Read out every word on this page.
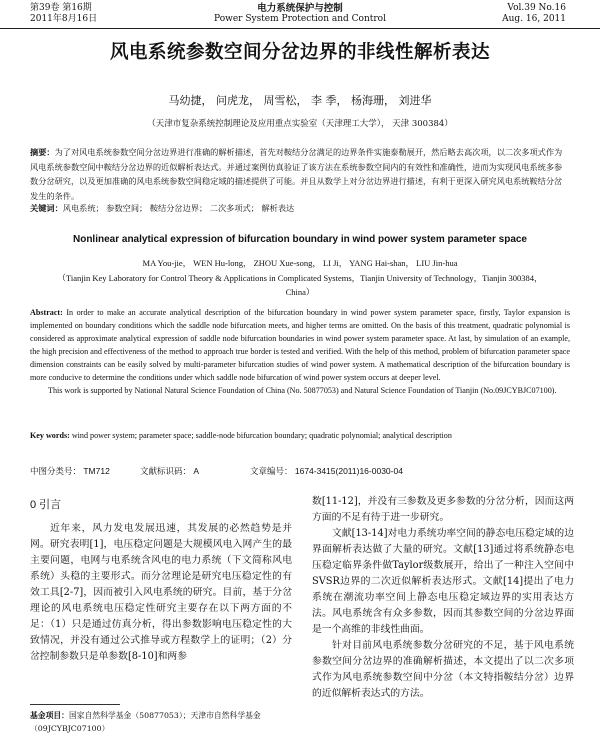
第39卷 第16期
2011年8月16日
电力系统保护与控制
Power System Protection and Control
Vol.39 No.16
Aug. 16, 2011
风电系统参数空间分岔边界的非线性解析表达
马幼捷， 问虎龙， 周雪松， 李 季， 杨海珊， 刘进华
（天津市复杂系统控制理论及应用重点实验室（天津理工大学）， 天津 300384）
摘要：为了对风电系统参数空间分岔边界进行准确的解析描述，首先对鞍结分岔满足的边界条件实施泰勒展开，然后略去高次项，以二次多项式作为风电系统参数空间中鞍结分岔边界的近似解析表达式。并通过案例仿真验证了该方法在系统参数空间内的有效性和准确性，进而为实现风电系统多参数分岔研究，以及更加准确的风电系统参数空间稳定域的描述提供了可能。并且从数学上对分岔边界进行描述，有利于更深入研究风电系统鞍结分岔发生的条件。
关键词：风电系统； 参数空间； 鞍结分岔边界； 二次多项式； 解析表达
Nonlinear analytical expression of bifurcation boundary in wind power system parameter space
MA You-jie， WEN Hu-long， ZHOU Xue-song， LI Ji， YANG Hai-shan， LIU Jin-hua
（Tianjin Key Laboratory for Control Theory & Applications in Complicated Systems，Tianjin University of Technology，Tianjin 300384，China）
Abstract: In order to make an accurate analytical description of the bifurcation boundary in wind power system parameter space, firstly, Taylor expansion is implemented on boundary conditions which the saddle node bifurcation meets, and higher terms are omitted. On the basis of this treatment, quadratic polynomial is considered as approximate analytical expression of saddle node bifurcation boundaries in wind power system parameter space. At last, by simulation of an example, the high precision and effectiveness of the method to approach true border is tested and verified. With the help of this method, problem of bifurcation parameter space dimension constraints can be easily solved by multi-parameter bifurcation studies of wind power system. A mathematical description of the bifurcation boundary is more conducive to determine the conditions under which saddle node bifurcation of wind power system occurs at deeper level.
This work is supported by National Natural Science Foundation of China (No. 50877053) and Natural Science Foundation of Tianjin (No.09JCYBJC07100).
Key words: wind power system; parameter space; saddle-node bifurcation boundary; quadratic polynomial; analytical description
中图分类号： TM712	文献标识码： A	文章编号： 1674-3415(2011)16-0030-04
0 引言

近年来，风力发电发展迅速，其发展的必然趋势是并网。研究表明[1]，电压稳定问题是大规模风电入网产生的最主要问题，电网与电系统含风电的电力系统（下文简称风电系统）头稳的主要形式。而分岔理论是研究电压稳定性的有效工具[2-7]，因而被引入风电系统的研究。目前，基于分岔理论的风电系统电压稳定性研究主要存在以下两方面的不足：（1）只是通过仿真分析，得出参数影响电压稳定性的大致情况，并没有通过公式推导或方程数学上的证明；（2）分岔控制参数只是单参数[8-10]和两参

数[11-12]，并没有三参数及更多参数的分岔分析，因而这两方面的不足有待于进一步研究。

文献[13-14]对电力系统功率空间的静态电压稳定域的边界面解析表达做了大量的研究。文献[13]通过将系统静态电压稳定临界条件做Taylor级数展开，给出了一种注入空间中SVSR边界的二次近似解析表达形式。文献[14]提出了电力系统在潮流功率空间上静态电压稳定域边界的实用表达方法。风电系统含有众多参数，因而其参数空间的分岔边界面是一个高维的非线性曲面。

针对目前风电系统参数分岔研究的不足，基于风电系统参数空间分岔边界的准确解析描述，本文提出了以二次多项式作为风电系统参数空间中分岔（本文特指鞍结分岔）边界的近似解析表达式的方法。

基金项目：国家自然科学基金（50877053）；天津市自然科学基金（09JCYBJC07100）
